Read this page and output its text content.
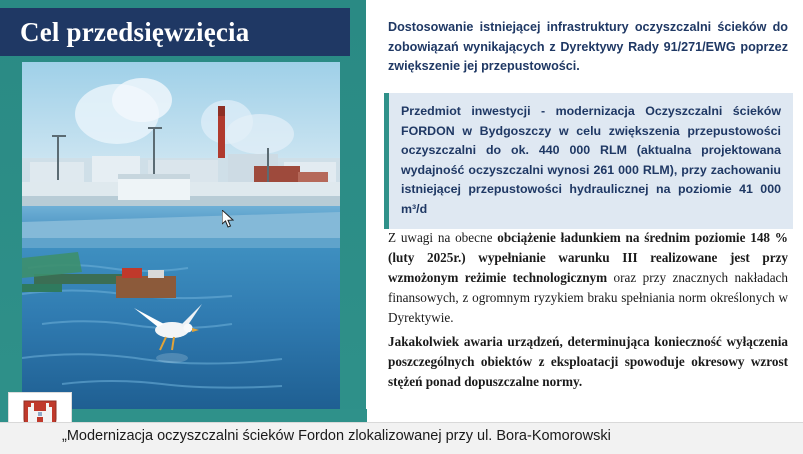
Cel przedsięwzięcia	Dostosowanie istniejącej infrastruktury oczyszczalni ścieków do zobowiązań wynikających z Dyrektywy Rady 91/271/EWG poprzez zwiększenie jej przepustowości.

Przedmiot inwestycji - modernizacja Oczyszczalni ścieków FORDON w Bydgoszczy w celu zwiększenia przepustowości oczyszczalni do ok. 440 000 RLM (aktualna projektowana wydajność oczyszczalni wynosi 261 000 RLM), przy zachowaniu istniejącej przepustowości hydraulicznej na poziomie 41 000 m³/d

Z uwagi na obecne obciążenie ładunkiem na średnim poziomie 148 % (luty 2025r.) wypełnianie warunku III realizowane jest przy wzmożonym reżimie technologicznym oraz przy znacznych nakładach finansowych, z ogromnym ryzykiem braku spełniania norm określonych w Dyrektywie.

Jakakolwiek awaria urządzeń, determinująca konieczność wyłączenia poszczególnych obiektów z eksploatacji spowoduje okresowy wzrost stężeń ponad dopuszczalne normy.

„Modernizacja oczyszczalni ścieków Fordon zlokalizowanej przy ul. Bora-Komorowski
